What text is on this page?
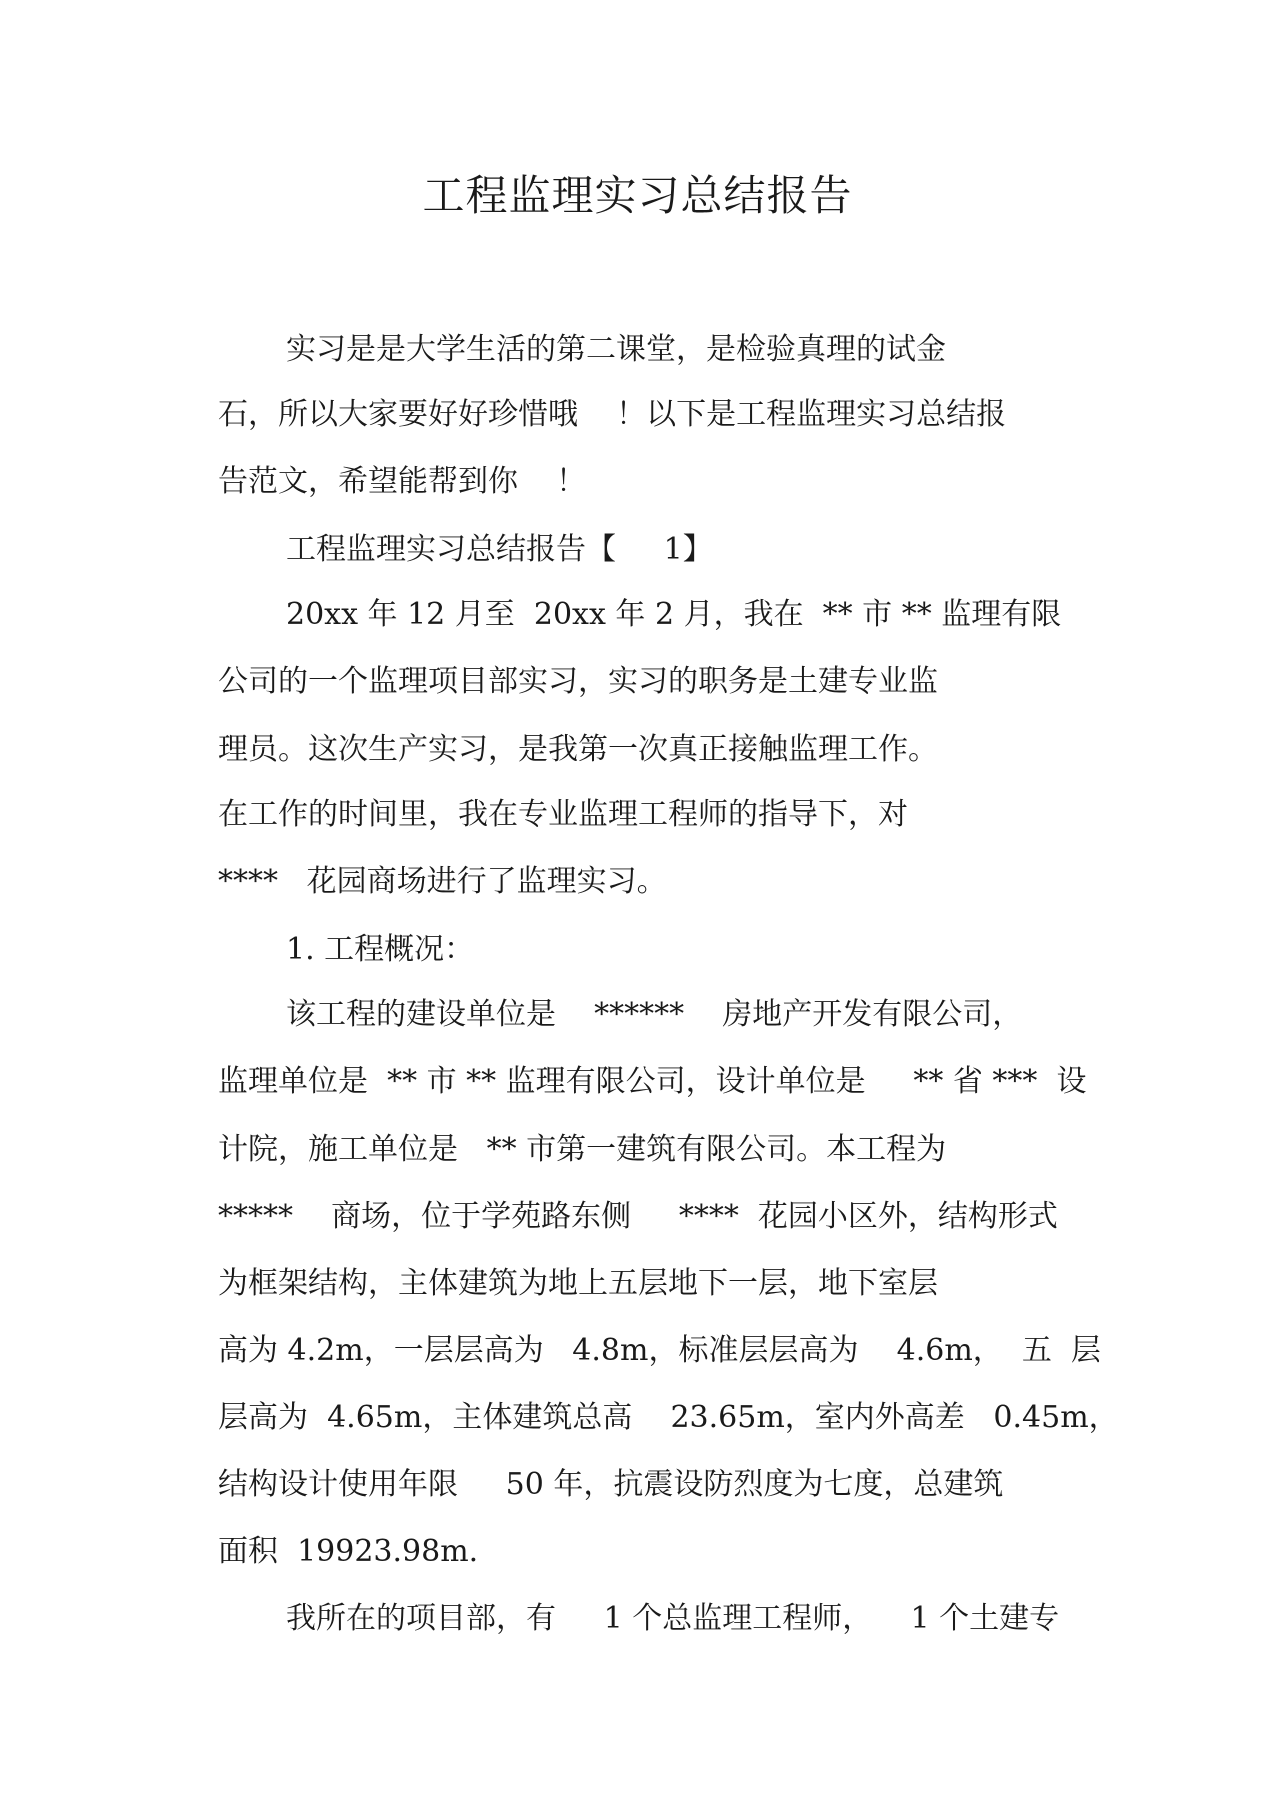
工程监理实习总结报告
实习是是大学生活的第二课堂，是检验真理的试金
石，所以大家要好好珍惜哦    ！以下是工程监理实习总结报
告范文，希望能帮到你    ！
工程监理实习总结报告【     1】
20xx 年 12 月至  20xx 年 2 月，我在  ** 市 ** 监理有限
公司的一个监理项目部实习，实习的职务是土建专业监
理员。这次生产实习，是我第一次真正接触监理工作。
在工作的时间里，我在专业监理工程师的指导下，对
****   花园商场进行了监理实习。
1. 工程概况：
该工程的建设单位是    ******    房地产开发有限公司，
监理单位是  ** 市 ** 监理有限公司，设计单位是     ** 省 ***  设
计院，施工单位是   ** 市第一建筑有限公司。本工程为
*****    商场，位于学苑路东侧     ****  花园小区外，结构形式
为框架结构，主体建筑为地上五层地下一层，地下室层
高为 4.2m，一层层高为   4.8m，标准层层高为    4.6m，  五  层
层高为  4.65m，主体建筑总高    23.65m，室内外高差   0.45m，
结构设计使用年限     50 年，抗震设防烈度为七度，总建筑
面积  19923.98m.
我所在的项目部，有     1 个总监理工程师，    1 个土建专
